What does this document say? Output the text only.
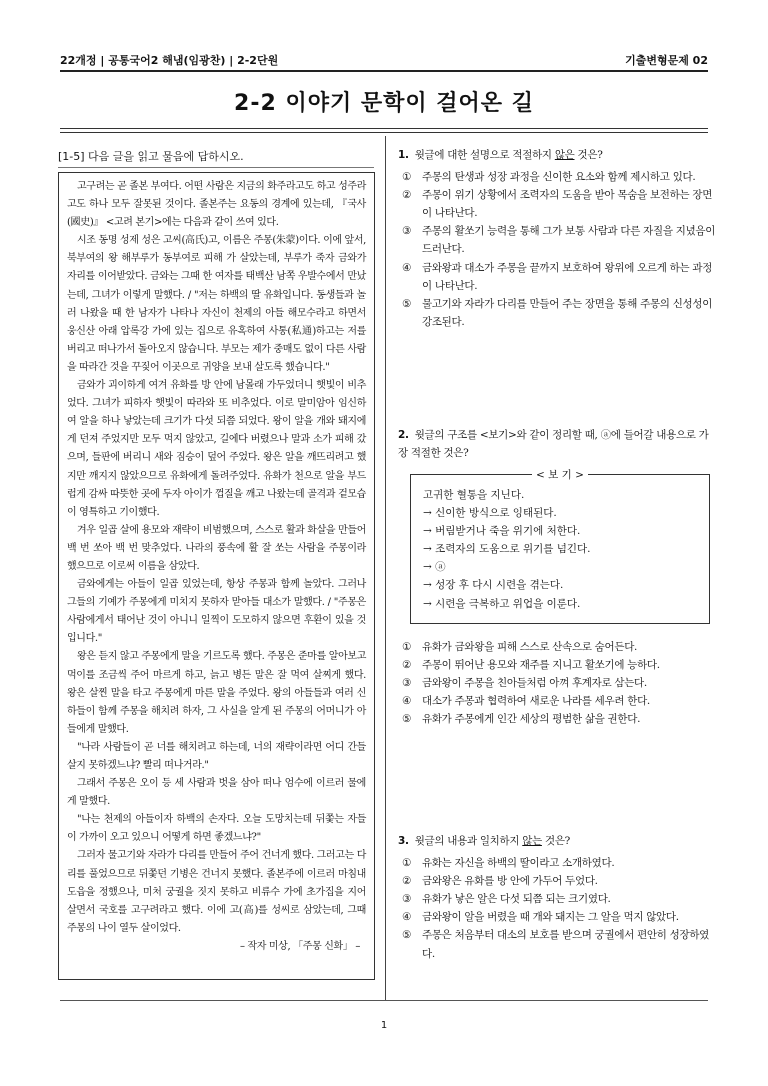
22개정 | 공통국어2 해냄(임광찬) | 2-2단원	기출변형문제 02
2-2 이야기 문학이 걸어온 길
[1-5] 다음 글을 읽고 물음에 답하시오.

고구려는 곧 졸본 부여다. 어떤 사람은 지금의 화주라고도 하고 성주라고도 하나 모두 잘못된 것이다. 졸본주는 요동의 경계에 있는데, 『국사(國史)』 <고려 본기>에는 다음과 같이 쓰여 있다.

시조 동명 성제 성은 고씨(高氏)고, 이름은 주몽(朱蒙)이다. 이에 앞서, 북부여의 왕 해부루가 동부여로 피해 가 살았는데, 부루가 죽자 금와가 자리를 이어받았다. 금와는 그때 한 여자를 태백산 남쪽 우발수에서 만났는데, 그녀가 이렇게 말했다. / "저는 하백의 딸 유화입니다. 동생들과 놀러 나왔을 때 한 남자가 나타나 자신이 천제의 아들 해모수라고 하면서 웅신산 아래 압록강 가에 있는 집으로 유혹하여 사통(私通)하고는 저를 버리고 떠나가서 돌아오지 않습니다. 부모는 제가 중매도 없이 다른 사람을 따라간 것을 꾸짖어 이곳으로 귀양을 보내 살도록 했습니다."

금와가 괴이하게 여겨 유화를 방 안에 남몰래 가두었더니 햇빛이 비추었다. 그녀가 피하자 햇빛이 따라와 또 비추었다. 이로 말미암아 임신하여 알을 하나 낳았는데 크기가 다섯 되쯤 되었다. 왕이 알을 개와 돼지에게 던져 주었지만 모두 먹지 않았고, 길에다 버렸으나 말과 소가 피해 갔으며, 들판에 버리니 새와 짐승이 덮어 주었다. 왕은 알을 깨뜨리려고 했지만 깨지지 않았으므로 유화에게 돌려주었다. 유화가 천으로 알을 부드럽게 감싸 따뜻한 곳에 두자 아이가 껍질을 깨고 나왔는데 골격과 겉모습이 영특하고 기이했다.

겨우 일곱 살에 용모와 재략이 비범했으며, 스스로 활과 화살을 만들어 백 번 쏘아 백 번 맞추었다. 나라의 풍속에 활 잘 쏘는 사람을 주몽이라 했으므로 이로써 이름을 삼았다.

금와에게는 아들이 일곱 있었는데, 항상 주몽과 함께 놀았다. 그러나 그들의 기예가 주몽에게 미치지 못하자 맏아들 대소가 말했다. / "주몽은 사람에게서 태어난 것이 아니니 일찍이 도모하지 않으면 후환이 있을 것입니다."

왕은 듣지 않고 주몽에게 말을 기르도록 했다. 주몽은 준마를 알아보고 먹이를 조금씩 주어 마르게 하고, 늙고 병든 말은 잘 먹여 살찌게 했다. 왕은 살찐 말을 타고 주몽에게 마른 말을 주었다. 왕의 아들들과 여러 신하들이 함께 주몽을 해치려 하자, 그 사실을 알게 된 주몽의 어머니가 아들에게 말했다.

"나라 사람들이 곧 너를 해치려고 하는데, 너의 재략이라면 어디 간들 살지 못하겠느냐? 빨리 떠나거라."

그래서 주몽은 오이 등 세 사람과 벗을 삼아 떠나 엄수에 이르러 물에게 말했다.

"나는 천제의 아들이자 하백의 손자다. 오늘 도망치는데 뒤쫓는 자들이 가까이 오고 있으니 어떻게 하면 좋겠느냐?"

그러자 물고기와 자라가 다리를 만들어 주어 건너게 했다. 그러고는 다리를 풀었으므로 뒤쫓던 기병은 건너지 못했다. 졸본주에 이르러 마침내 도읍을 정했으나, 미처 궁궐을 짓지 못하고 비류수 가에 초가집을 지어 살면서 국호를 고구려라고 했다. 이에 고(高)를 성씨로 삼았는데, 그때 주몽의 나이 열두 살이었다.

– 작자 미상, 「주몽 신화」 –

1. 윗글에 대한 설명으로 적절하지 않은 것은?

①	주몽의 탄생과 성장 과정을 신이한 요소와 함께 제시하고 있다.

②	주몽이 위기 상황에서 조력자의 도움을 받아 목숨을 보전하는 장면이 나타난다.

③	주몽의 활쏘기 능력을 통해 그가 보통 사람과 다른 자질을 지녔음이 드러난다.

④	금와왕과 대소가 주몽을 끝까지 보호하여 왕위에 오르게 하는 과정이 나타난다.

⑤	물고기와 자라가 다리를 만들어 주는 장면을 통해 주몽의 신성성이 강조된다.

2. 윗글의 구조를 <보기>와 같이 정리할 때, ⓐ에 들어갈 내용으로 가장 적절한 것은?

< 보 기 >
고귀한 혈통을 지닌다.
→ 신이한 방식으로 잉태된다.
→ 버림받거나 죽을 위기에 처한다.
→ 조력자의 도움으로 위기를 넘긴다.
→ ⓐ
→ 성장 후 다시 시련을 겪는다.
→ 시련을 극복하고 위업을 이룬다.

①	유화가 금와왕을 피해 스스로 산속으로 숨어든다.

②	주몽이 뛰어난 용모와 재주를 지니고 활쏘기에 능하다.

③	금와왕이 주몽을 친아들처럼 아껴 후계자로 삼는다.

④	대소가 주몽과 협력하여 새로운 나라를 세우려 한다.

⑤	유화가 주몽에게 인간 세상의 평범한 삶을 권한다.

3. 윗글의 내용과 일치하지 않는 것은?

①	유화는 자신을 하백의 딸이라고 소개하였다.

②	금와왕은 유화를 방 안에 가두어 두었다.

③	유화가 낳은 알은 다섯 되쯤 되는 크기였다.

④	금와왕이 알을 버렸을 때 개와 돼지는 그 알을 먹지 않았다.

⑤	주몽은 처음부터 대소의 보호를 받으며 궁궐에서 편안히 성장하였다.

1
